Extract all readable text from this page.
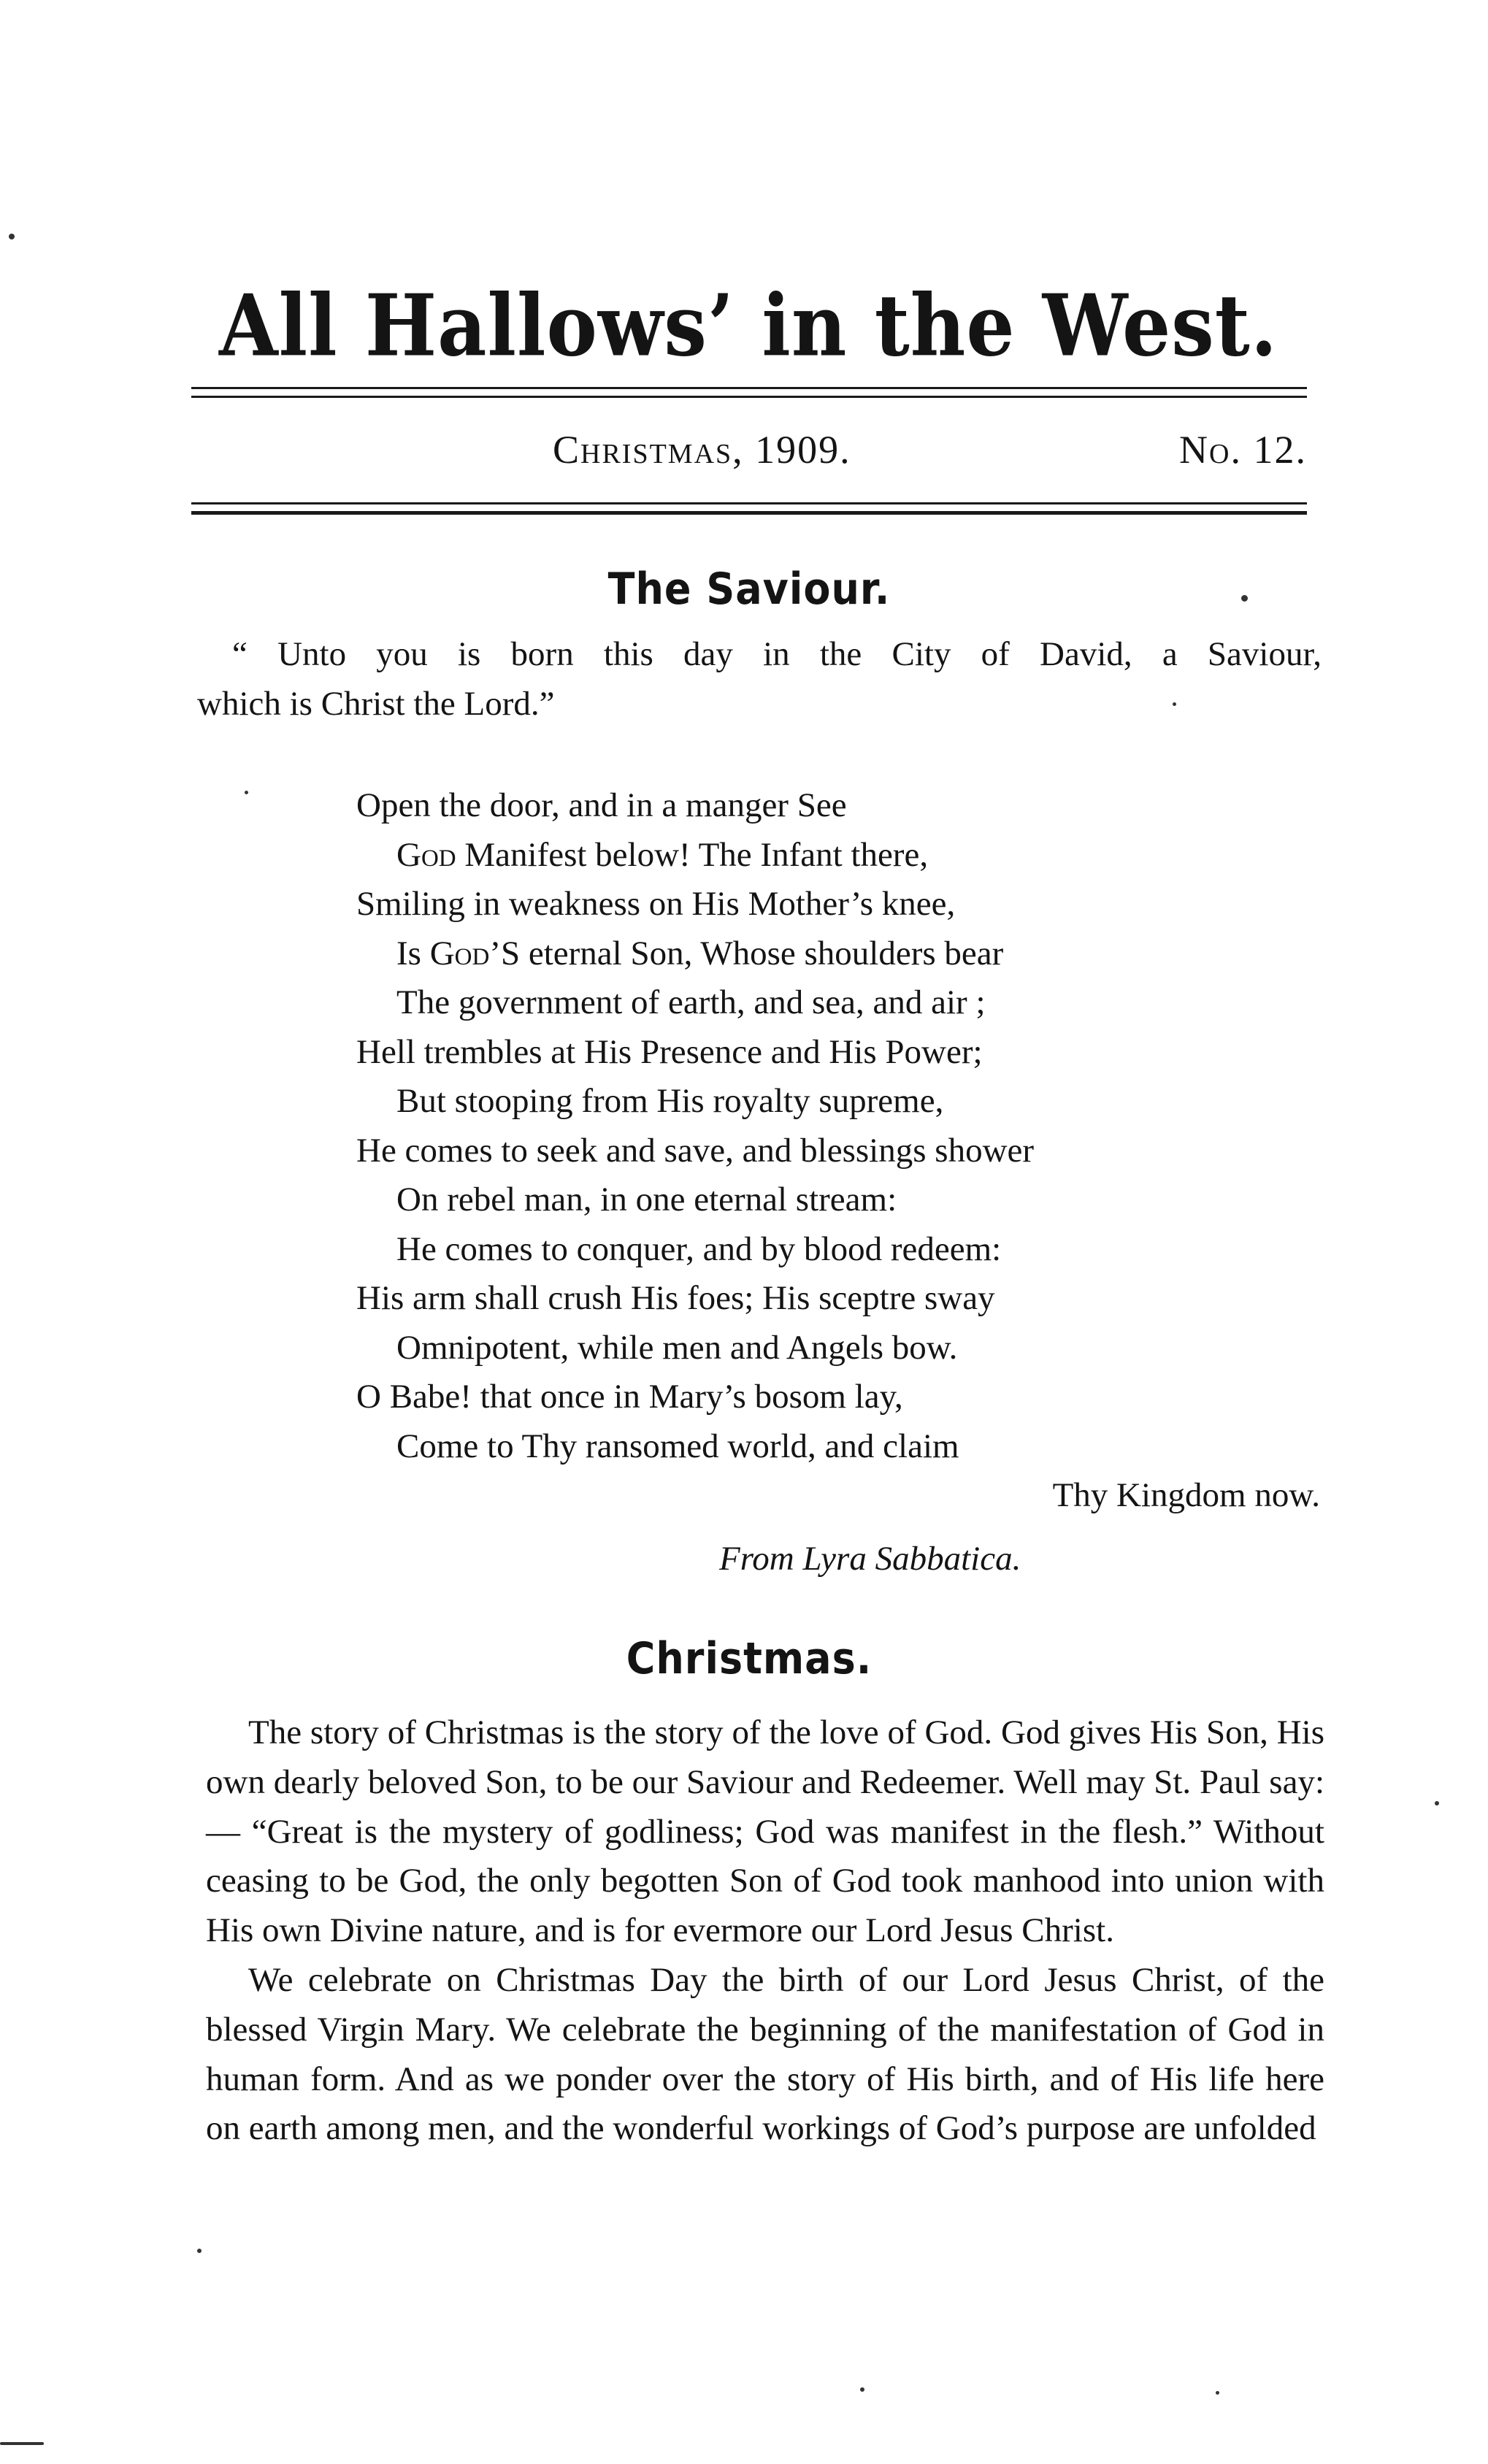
All Hallows’ in the West.
Christmas, 1909.	No. 12.
The Saviour.

“ Unto you is born this day in the City of David, a Saviour,
which is Christ the Lord.”

Open the door, and in a manger See
God Manifest below! The Infant there,
Smiling in weakness on His Mother’s knee,
Is God’S eternal Son, Whose shoulders bear
The government of earth, and sea, and air ;
Hell trembles at His Presence and His Power;
But stooping from His royalty supreme,
He comes to seek and save, and blessings shower
On rebel man, in one eternal stream:
He comes to conquer, and by blood redeem:
His arm shall crush His foes; His sceptre sway
Omnipotent, while men and Angels bow.
O Babe! that once in Mary’s bosom lay,
Come to Thy ransomed world, and claim
Thy Kingdom now.
From Lyra Sabbatica.
Christmas.

The story of Christmas is the story of the love of God. God gives His Son, His own dearly beloved Son, to be our Saviour and Redeemer. Well may St. Paul say:— “Great is the mystery of godliness; God was manifest in the flesh.” Without ceasing to be God, the only begotten Son of God took manhood into union with His own Divine nature, and is for evermore our Lord Jesus Christ.

We celebrate on Christmas Day the birth of our Lord Jesus Christ, of the blessed Virgin Mary. We celebrate the beginning of the manifestation of God in human form. And as we ponder over the story of His birth, and of His life here on earth among men, and the wonderful workings of God’s purpose are unfolded
